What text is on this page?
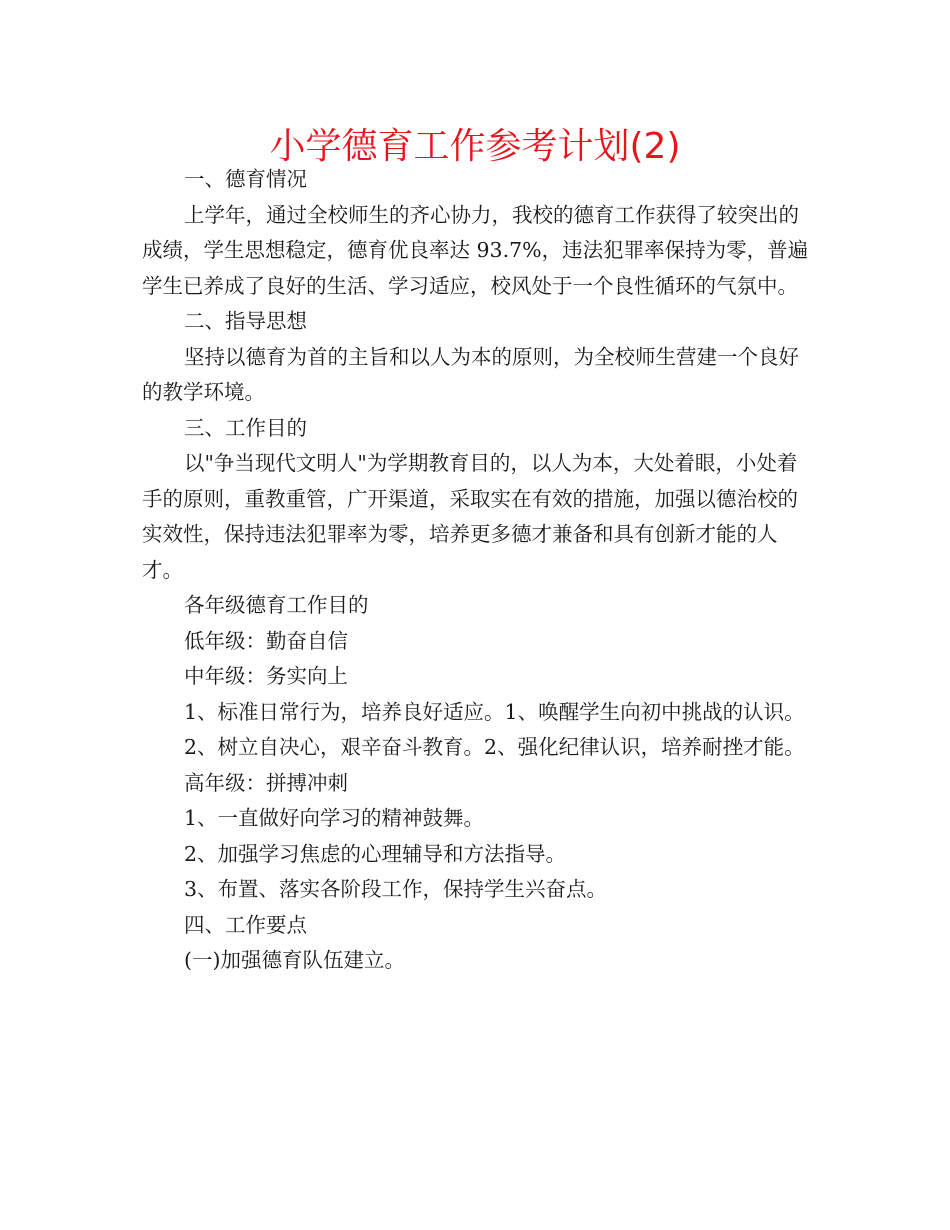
小学德育工作参考计划(2)

一、德育情况

上学年，通过全校师生的齐心协力，我校的德育工作获得了较突出的成绩，学生思想稳定，德育优良率达 93.7%，违法犯罪率保持为零，普遍学生已养成了良好的生活、学习适应，校风处于一个良性循环的气氛中。

二、指导思想

坚持以德育为首的主旨和以人为本的原则，为全校师生营建一个良好的教学环境。

三、工作目的

以"争当现代文明人"为学期教育目的，以人为本，大处着眼，小处着手的原则，重教重管，广开渠道，采取实在有效的措施，加强以德治校的实效性，保持违法犯罪率为零，培养更多德才兼备和具有创新才能的人才。

各年级德育工作目的

低年级：勤奋自信

中年级：务实向上

1、标准日常行为，培养良好适应。1、唤醒学生向初中挑战的认识。

2、树立自决心，艰辛奋斗教育。2、强化纪律认识，培养耐挫才能。

高年级：拼搏冲刺

1、一直做好向学习的精神鼓舞。

2、加强学习焦虑的心理辅导和方法指导。

3、布置、落实各阶段工作，保持学生兴奋点。

四、工作要点

(一)加强德育队伍建立。
